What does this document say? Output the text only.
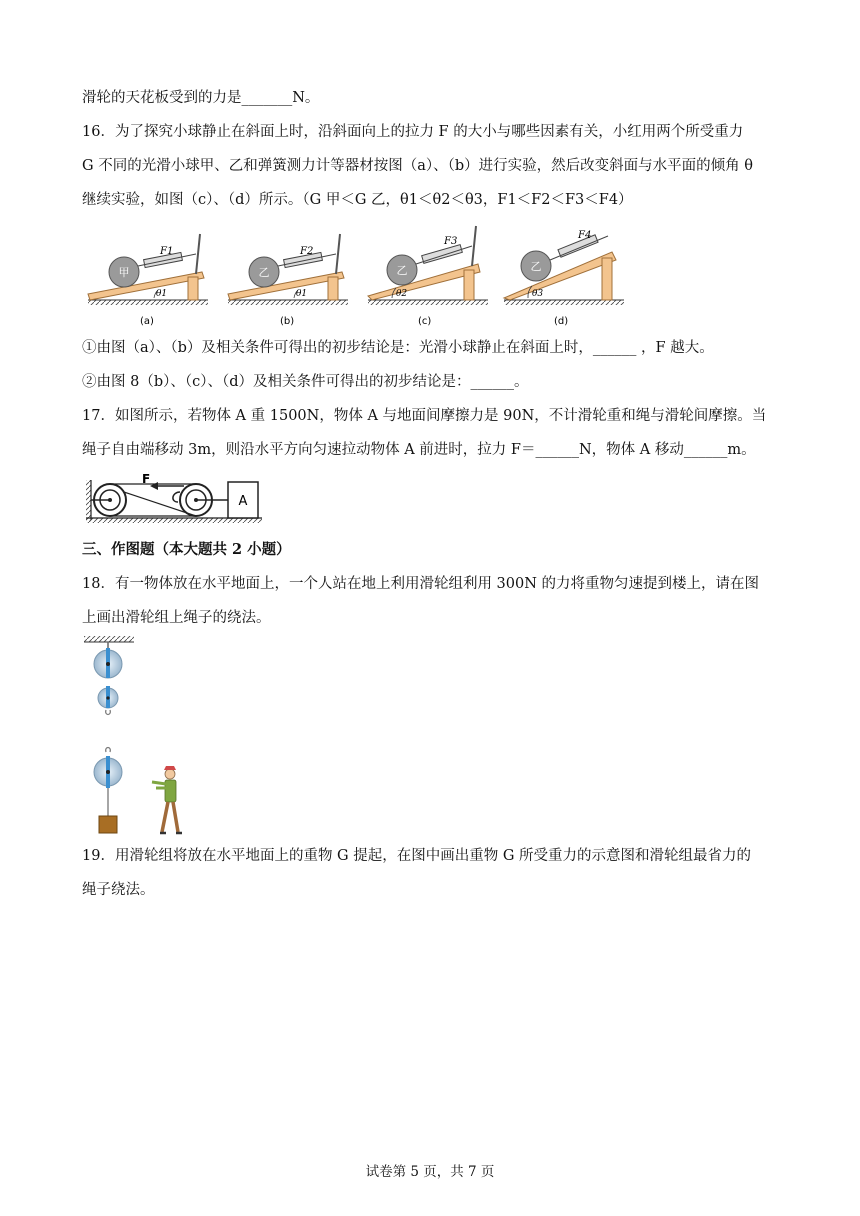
滑轮的天花板受到的力是_______N。
16．为了探究小球静止在斜面上时，沿斜面向上的拉力 F 的大小与哪些因素有关，小红用两个所受重力
G 不同的光滑小球甲、乙和弹簧测力计等器材按图（a）、（b）进行实验，然后改变斜面与水平面的倾角 θ
继续实验，如图（c）、（d）所示。（G 甲＜G 乙，θ1＜θ2＜θ3，F1＜F2＜F3＜F4）
甲
F1
θ1
(a)
乙
F2
θ1
(b)
乙
F3
θ2
(c)
乙
F4
θ3
(d)
①由图（a）、（b）及相关条件可得出的初步结论是：光滑小球静止在斜面上时，______ ，F 越大。
②由图 8（b）、（c）、（d）及相关条件可得出的初步结论是：______。
17．如图所示，若物体 A 重 1500N，物体 A 与地面间摩擦力是 90N，不计滑轮重和绳与滑轮间摩擦。当
绳子自由端移动 3m，则沿水平方向匀速拉动物体 A 前进时，拉力 F＝______N，物体 A 移动______m。
F
A
三、作图题（本大题共 2 小题）
18．有一物体放在水平地面上，一个人站在地上利用滑轮组利用 300N 的力将重物匀速提到楼上，请在图
上画出滑轮组上绳子的绕法。
19．用滑轮组将放在水平地面上的重物 G 提起，在图中画出重物 G 所受重力的示意图和滑轮组最省力的
绳子绕法。
试卷第 5 页，共 7 页
